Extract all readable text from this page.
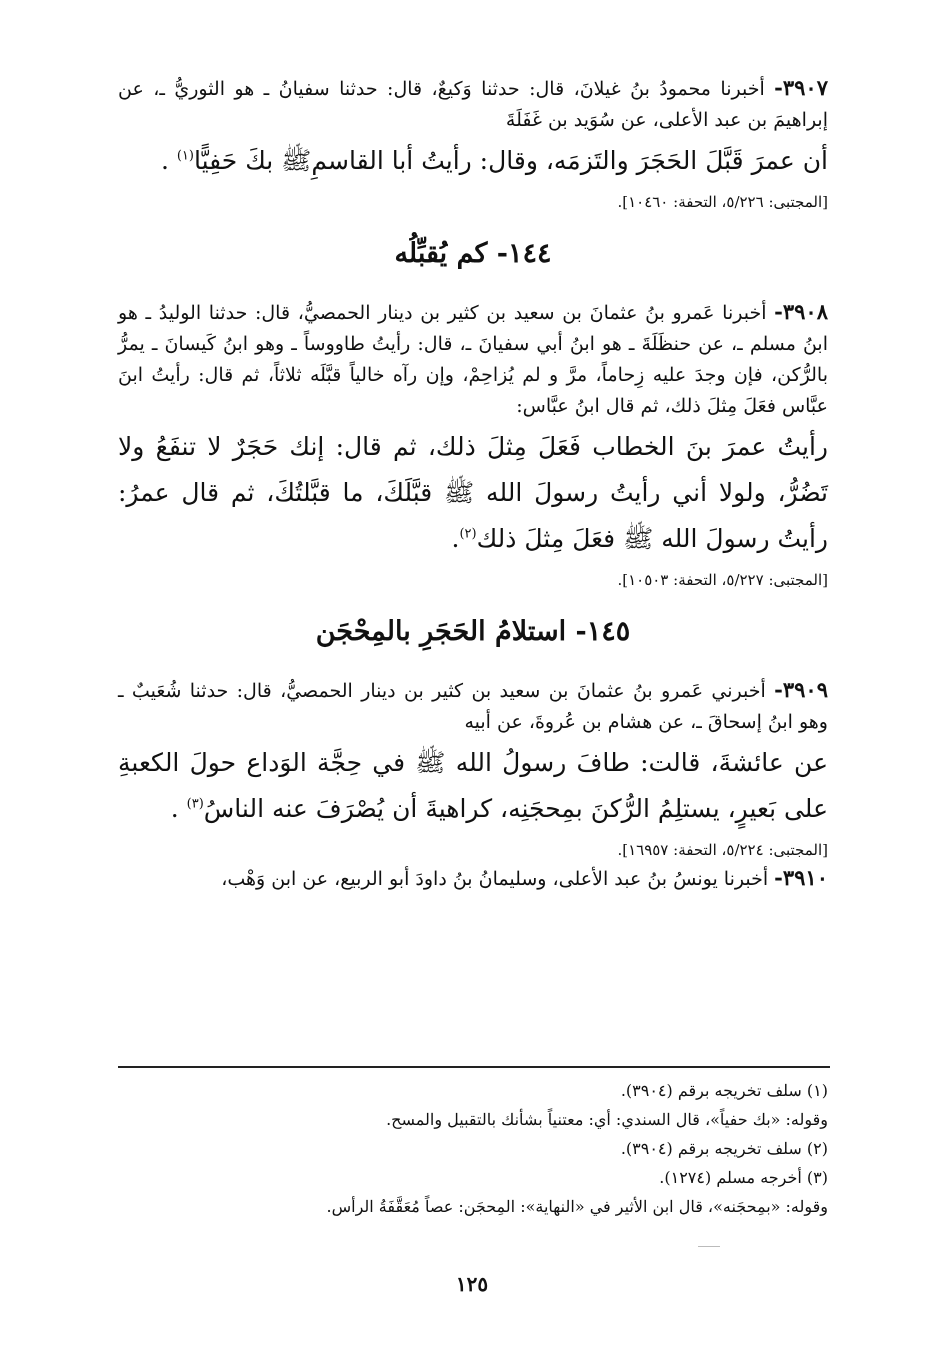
٣٩٠٧- أخبرنا محمودُ بنُ غيلانَ، قال: حدثنا وَكيعٌ، قال: حدثنا سفيانُ ـ هو الثوريُّ ـ، عن إبراهيمَ بن عبد الأعلى، عن سُوَيد بن غَفَلَةَ

أن عمرَ قَبَّلَ الحَجَرَ والتَزمَه، وقال: رأيتُ أبا القاسمِﷺ بكَ حَفِيًّا$^{(١)}$ .

[المجتبى: ٥/٢٢٦، التحفة: ١٠٤٦٠].

١٤٤- كم يُقبِّلُه

٣٩٠٨- أخبرنا عَمرو بنُ عثمانَ بن سعيد بن كثير بن دينار الحمصيُّ، قال: حدثنا الوليدُ ـ هو ابنُ مسلم ـ، عن حنظَلَةَ ـ هو ابنُ أبي سفيانَ ـ، قال: رأيتُ طاووساً ـ وهو ابنُ كَيسانَ ـ يمرُّ بالرُّكن، فإن وجدَ عليه زِحاماً، مرَّ و لم يُزاحِمْ، وإن رآه خالياً قبَّلَه ثلاثاً، ثم قال: رأيتُ ابنَ عبَّاس فعَلَ مِثلَ ذلك، ثم قال ابنُ عبَّاس:

رأيتُ عمرَ بنَ الخطاب فَعَلَ مِثلَ ذلك، ثم قال: إنك حَجَرٌ لا تنفَعُ ولا تَضُرُّ، ولولا أني رأيتُ رسولَ الله ﷺ قبَّلَكَ، ما قبَّلتُكَ، ثم قال عمرُ: رأيتُ رسولَ الله ﷺ فعَلَ مِثلَ ذلك$^{(٢)}$.

[المجتبى: ٥/٢٢٧، التحفة: ١٠٥٠٣].

١٤٥- استلامُ الحَجَرِ بالمِحْجَن

٣٩٠٩- أخبرني عَمرو بنُ عثمانَ بن سعيد بن كثير بن دينار الحمصيُّ، قال: حدثنا شُعَيبٌ ـ وهو ابنُ إسحاقَ ـ، عن هشام بن عُروةَ، عن أبيه

عن عائشةَ، قالت: طافَ رسولُ الله ﷺ في حِجَّة الوَداع حولَ الكعبةِ على بَعيرٍ، يستلِمُ الرُّكنَ بمِحجَنِه، كراهيةَ أن يُصْرَفَ عنه الناسُ$^{(٣)}$ .

[المجتبى: ٥/٢٢٤، التحفة: ١٦٩٥٧].

٣٩١٠- أخبرنا يونسُ بنُ عبد الأعلى، وسليمانُ بنُ داودَ أبو الربيع، عن ابن وَهْب،

(١) سلف تخريجه برقم (٣٩٠٤).

وقوله: «بك حفياً»، قال السندي: أي: معتنياً بشأنك بالتقبيل والمسح.

(٢) سلف تخريجه برقم (٣٩٠٤).

(٣) أخرجه مسلم (١٢٧٤).

وقوله: «بمِحجَنه»، قال ابن الأثير في «النهاية»: المِحجَن: عصاً مُعَقَّفَةُ الرأس.

١٢٥
